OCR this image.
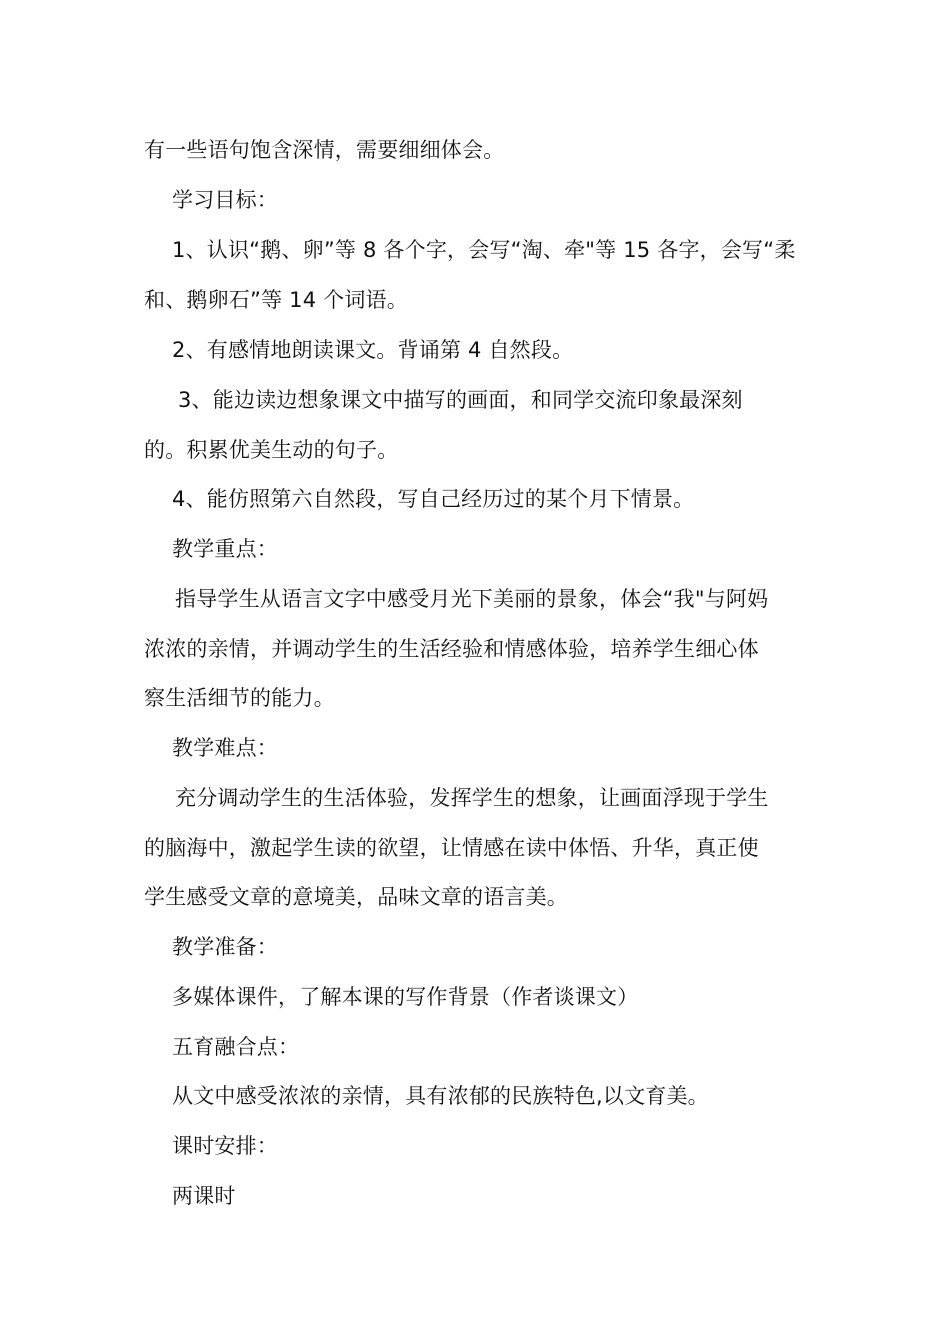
有一些语句饱含深情，需要细细体会。
学习目标：
1、认识“鹅、卵”等 8 各个字，会写“淘、牵"等 15 各字，会写“柔
和、鹅卵石”等 14 个词语。
2、有感情地朗读课文。背诵第 4 自然段。
3、能边读边想象课文中描写的画面，和同学交流印象最深刻
的。积累优美生动的句子。
4、能仿照第六自然段，写自己经历过的某个月下情景。
教学重点：
指导学生从语言文字中感受月光下美丽的景象，体会“我"与阿妈
浓浓的亲情，并调动学生的生活经验和情感体验，培养学生细心体
察生活细节的能力。
教学难点：
充分调动学生的生活体验，发挥学生的想象，让画面浮现于学生
的脑海中，激起学生读的欲望，让情感在读中体悟、升华，真正使
学生感受文章的意境美，品味文章的语言美。
教学准备：
多媒体课件，了解本课的写作背景（作者谈课文）
五育融合点：
从文中感受浓浓的亲情，具有浓郁的民族特色,以文育美。
课时安排：
两课时
